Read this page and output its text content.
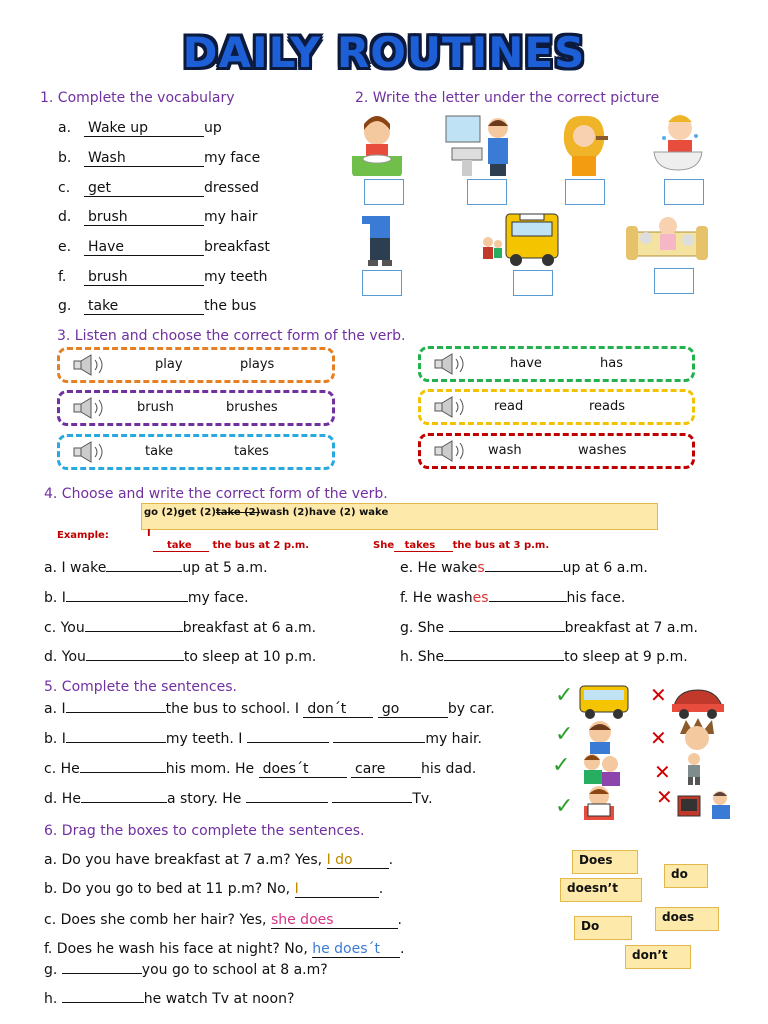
DAILY ROUTINES
1. Complete the vocabulary
a. Wake up	up
b. Wash	my face
c. get	dressed
d. brush	my hair
e. Have	breakfast
f. brush	my teeth
g. take	the bus
2. Write the letter under the correct picture
3. Listen and choose the correct form of the verb.
play	plays
brush	brushes
take	takes
have	has
read	reads
wash	washes
4. Choose and write the correct form of the verb.
go (2)get (2)take (2)wash (2)have (2) wake
Example:	I
take the bus at 2 p.m.	She takes the bus at 3 p.m.
a. I wake	up at 5 a.m.
b. I	my face.
c. You	breakfast at 6 a.m.
d. You	to sleep at 10 p.m.
e. He wakes	up at 6 a.m.
f. He washes	his face.
g. She	breakfast at 7 a.m.
h. She	to sleep at 9 p.m.
5. Complete the sentences.
a. I	the bus to school. I don´t	go	by car.
b. I	my teeth. I	my hair.
c. He	his mom. He does´t	care	his dad.
d. He	a story. He	Tv.
✓	✕
✓	✕
✓	✕
✓	✕
6. Drag the boxes to complete the sentences.
a. Do you have breakfast at 7 a.m? Yes, I do	.
b. Do you go to bed at 11 p.m? No, I	.
c. Does she comb her hair? Yes, she does	.
f. Does he wash his face at night? No, he does´t .
g.	you go to school at 8 a.m?
h.	he watch Tv at noon?
Does
do
doesn’t
does
Do
don’t
